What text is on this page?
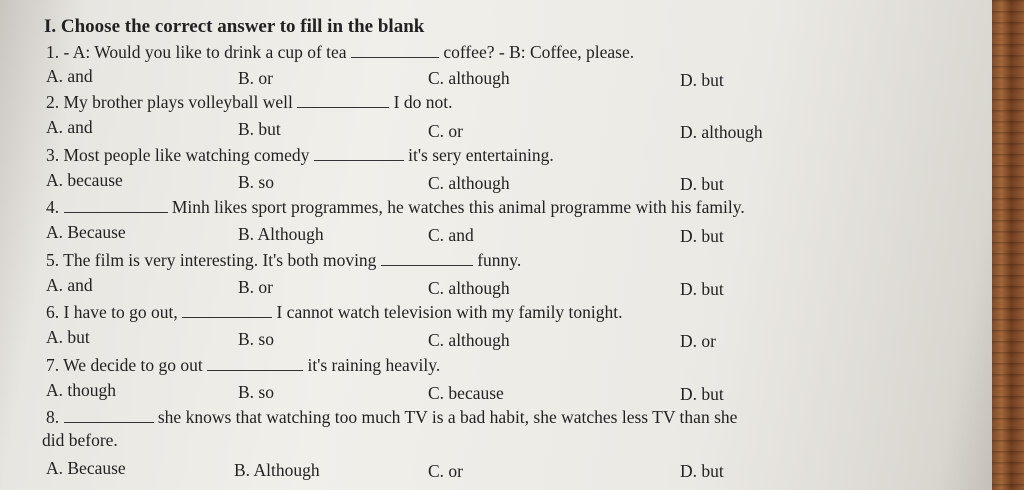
I. Choose the correct answer to fill in the blank
1. - A: Would you like to drink a cup of tea	coffee? - B: Coffee, please.
A. and	B. or	C. although	D. but
2. My brother plays volleyball well	I do not.
A. and	B. but	C. or	D. although
3. Most people like watching comedy	it's sery entertaining.
A. because	B. so	C. although	D. but
4.	Minh likes sport programmes, he watches this animal programme with his family.
A. Because	B. Although	C. and	D. but
5. The film is very interesting. It's both moving	funny.
A. and	B. or	C. although	D. but
6. I have to go out,	I cannot watch television with my family tonight.
A. but	B. so	C. although	D. or
7. We decide to go out	it's raining heavily.
A. though	B. so	C. because	D. but
8.	she knows that watching too much TV is a bad habit, she watches less TV than she
did before.
A. Because	B. Although	C. or	D. but
